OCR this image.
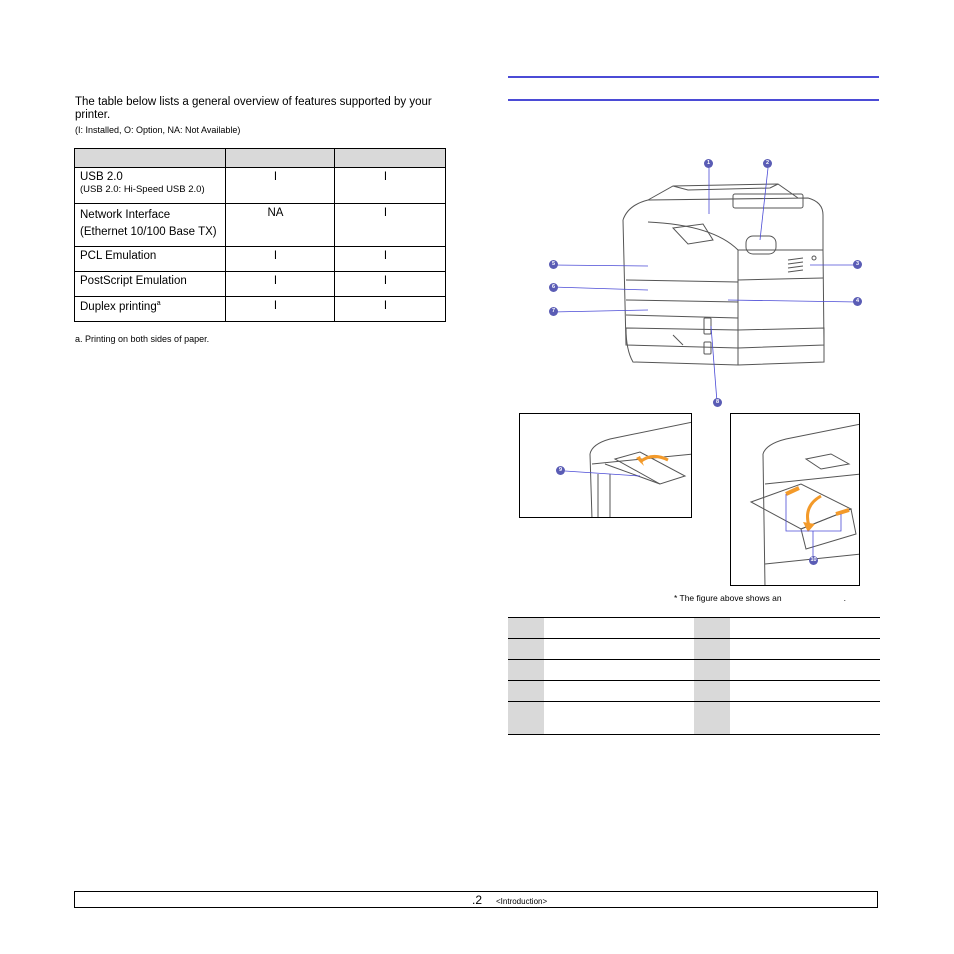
The table below lists a general overview of features supported by your printer.
(I: Installed, O: Option, NA: Not Available)

USB 2.0
(USB 2.0: Hi-Speed USB 2.0)	I	I
Network Interface
(Ethernet 10/100 Base TX)	NA	I
PCL Emulation	I	I
PostScript Emulation	I	I
Duplex printing$^a$	I	I
a. Printing on both sides of paper.
1	2
3
4
5
6
7
8
9
10
* The figure above shows an	.

.2 <Introduction>
